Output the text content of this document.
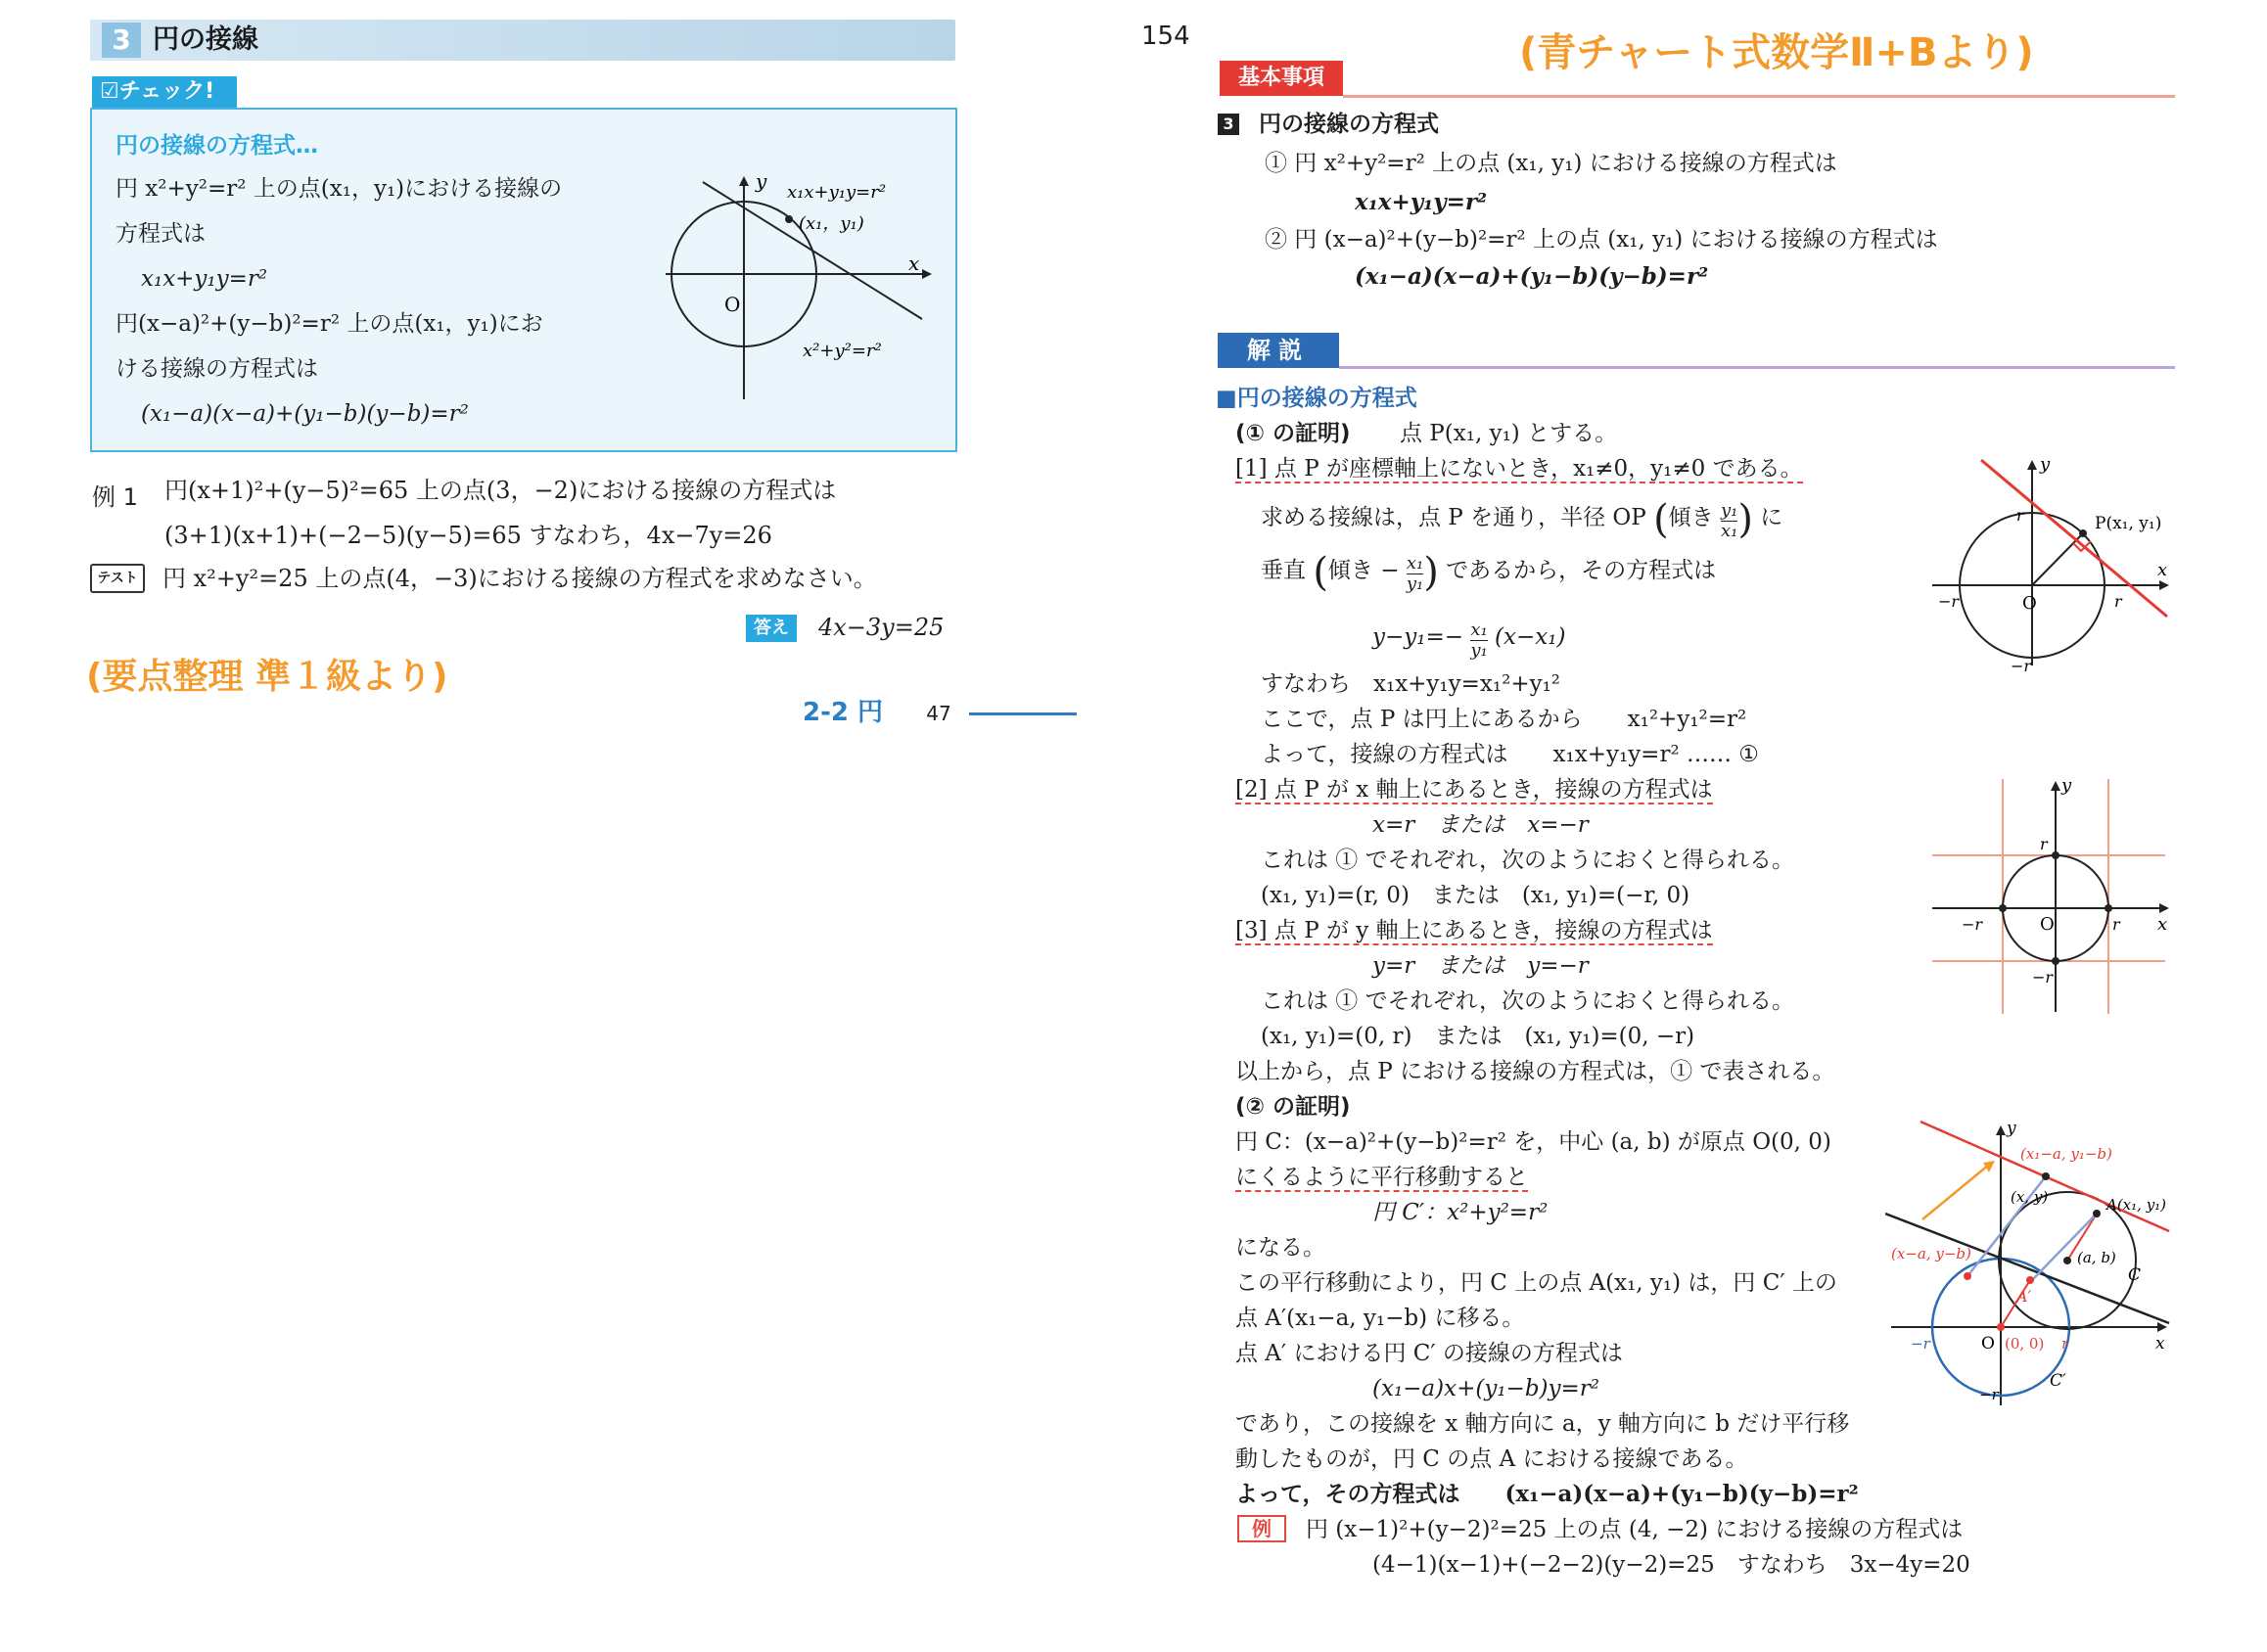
3 円の接線
☑チェック!
円の接線の方程式…
円 x²+y²=r² 上の点(x₁，y₁)における接線の
方程式は
x₁x+y₁y=r²
円(x−a)²+(y−b)²=r² 上の点(x₁，y₁)にお
ける接線の方程式は
(x₁−a)(x−a)+(y₁−b)(y−b)=r²
y
x
O
x₁x+y₁y=r²
(x₁，y₁)
x²+y²=r²
例 1 円(x+1)²+(y−5)²=65 上の点(3，−2)における接線の方程式は
(3+1)(x+1)+(−2−5)(y−5)=65 すなわち，4x−7y=26
テスト	円 x²+y²=25 上の点(4，−3)における接線の方程式を求めなさい。
答え	4x−3y=25
(要点整理 準１級より)
2-2 円 47
154	(青チャート式数学Ⅱ+Bより)
基本事項
3 円の接線の方程式
① 円 x²+y²=r² 上の点 (x₁, y₁) における接線の方程式は
x₁x+y₁y=r²
② 円 (x−a)²+(y−b)²=r² 上の点 (x₁, y₁) における接線の方程式は
(x₁−a)(x−a)+(y₁−b)(y−b)=r²
解説
■円の接線の方程式
(① の証明) 点 P(x₁, y₁) とする。
[1] 点 P が座標軸上にないとき，x₁≠0，y₁≠0 である。
求める接線は，点 P を通り，半径 OP (傾き $\frac{\text{y₁}}{\text{x₁}}$ ) に
垂直 (傾き − $\frac{\text{x₁}}{\text{y₁}}$ ) であるから，その方程式は
$y-y_1=- \frac{\text{x₁}}{\text{y₁}} (x-x_1)$
すなわち　x₁x+y₁y=x₁²+y₁²
ここで，点 P は円上にあるから　　x₁²+y₁²=r²
よって，接線の方程式は　　x₁x+y₁y=r² …… ①
[2] 点 P が x 軸上にあるとき，接線の方程式は
x=r　または　x=−r
これは ① でそれぞれ，次のようにおくと得られる。
(x₁, y₁)=(r, 0)　または　(x₁, y₁)=(−r, 0)
[3] 点 P が y 軸上にあるとき，接線の方程式は
y=r　または　y=−r
これは ① でそれぞれ，次のようにおくと得られる。
(x₁, y₁)=(0, r)　または　(x₁, y₁)=(0, −r)
以上から，点 P における接線の方程式は，① で表される。
(② の証明)
円 C：(x−a)²+(y−b)²=r² を，中心 (a, b) が原点 O(0, 0)
にくるように平行移動すると
円 C′：x²+y²=r²
になる。
この平行移動により，円 C 上の点 A(x₁, y₁) は，円 C′ 上の
点 A′(x₁−a, y₁−b) に移る。
点 A′ における円 C′ の接線の方程式は
(x₁−a)x+(y₁−b)y=r²
であり，この接線を x 軸方向に a，y 軸方向に b だけ平行移
動したものが，円 C の点 A における接線である。
よって，その方程式は　　(x₁−a)(x−a)+(y₁−b)(y−b)=r²
例	円 (x−1)²+(y−2)²=25 上の点 (4, −2) における接線の方程式は
(4−1)(x−1)+(−2−2)(y−2)=25　すなわち　3x−4y=20
y
x
O
r
r
−r
−r
P(x₁, y₁)
y
x
O
r
r
−r
−r
y
x
O (0, 0) r
−r
−r
(x₁−a, y₁−b)
A(x₁, y₁)
(x, y)
(a, b)
(x−a, y−b)
A′
C
C′
